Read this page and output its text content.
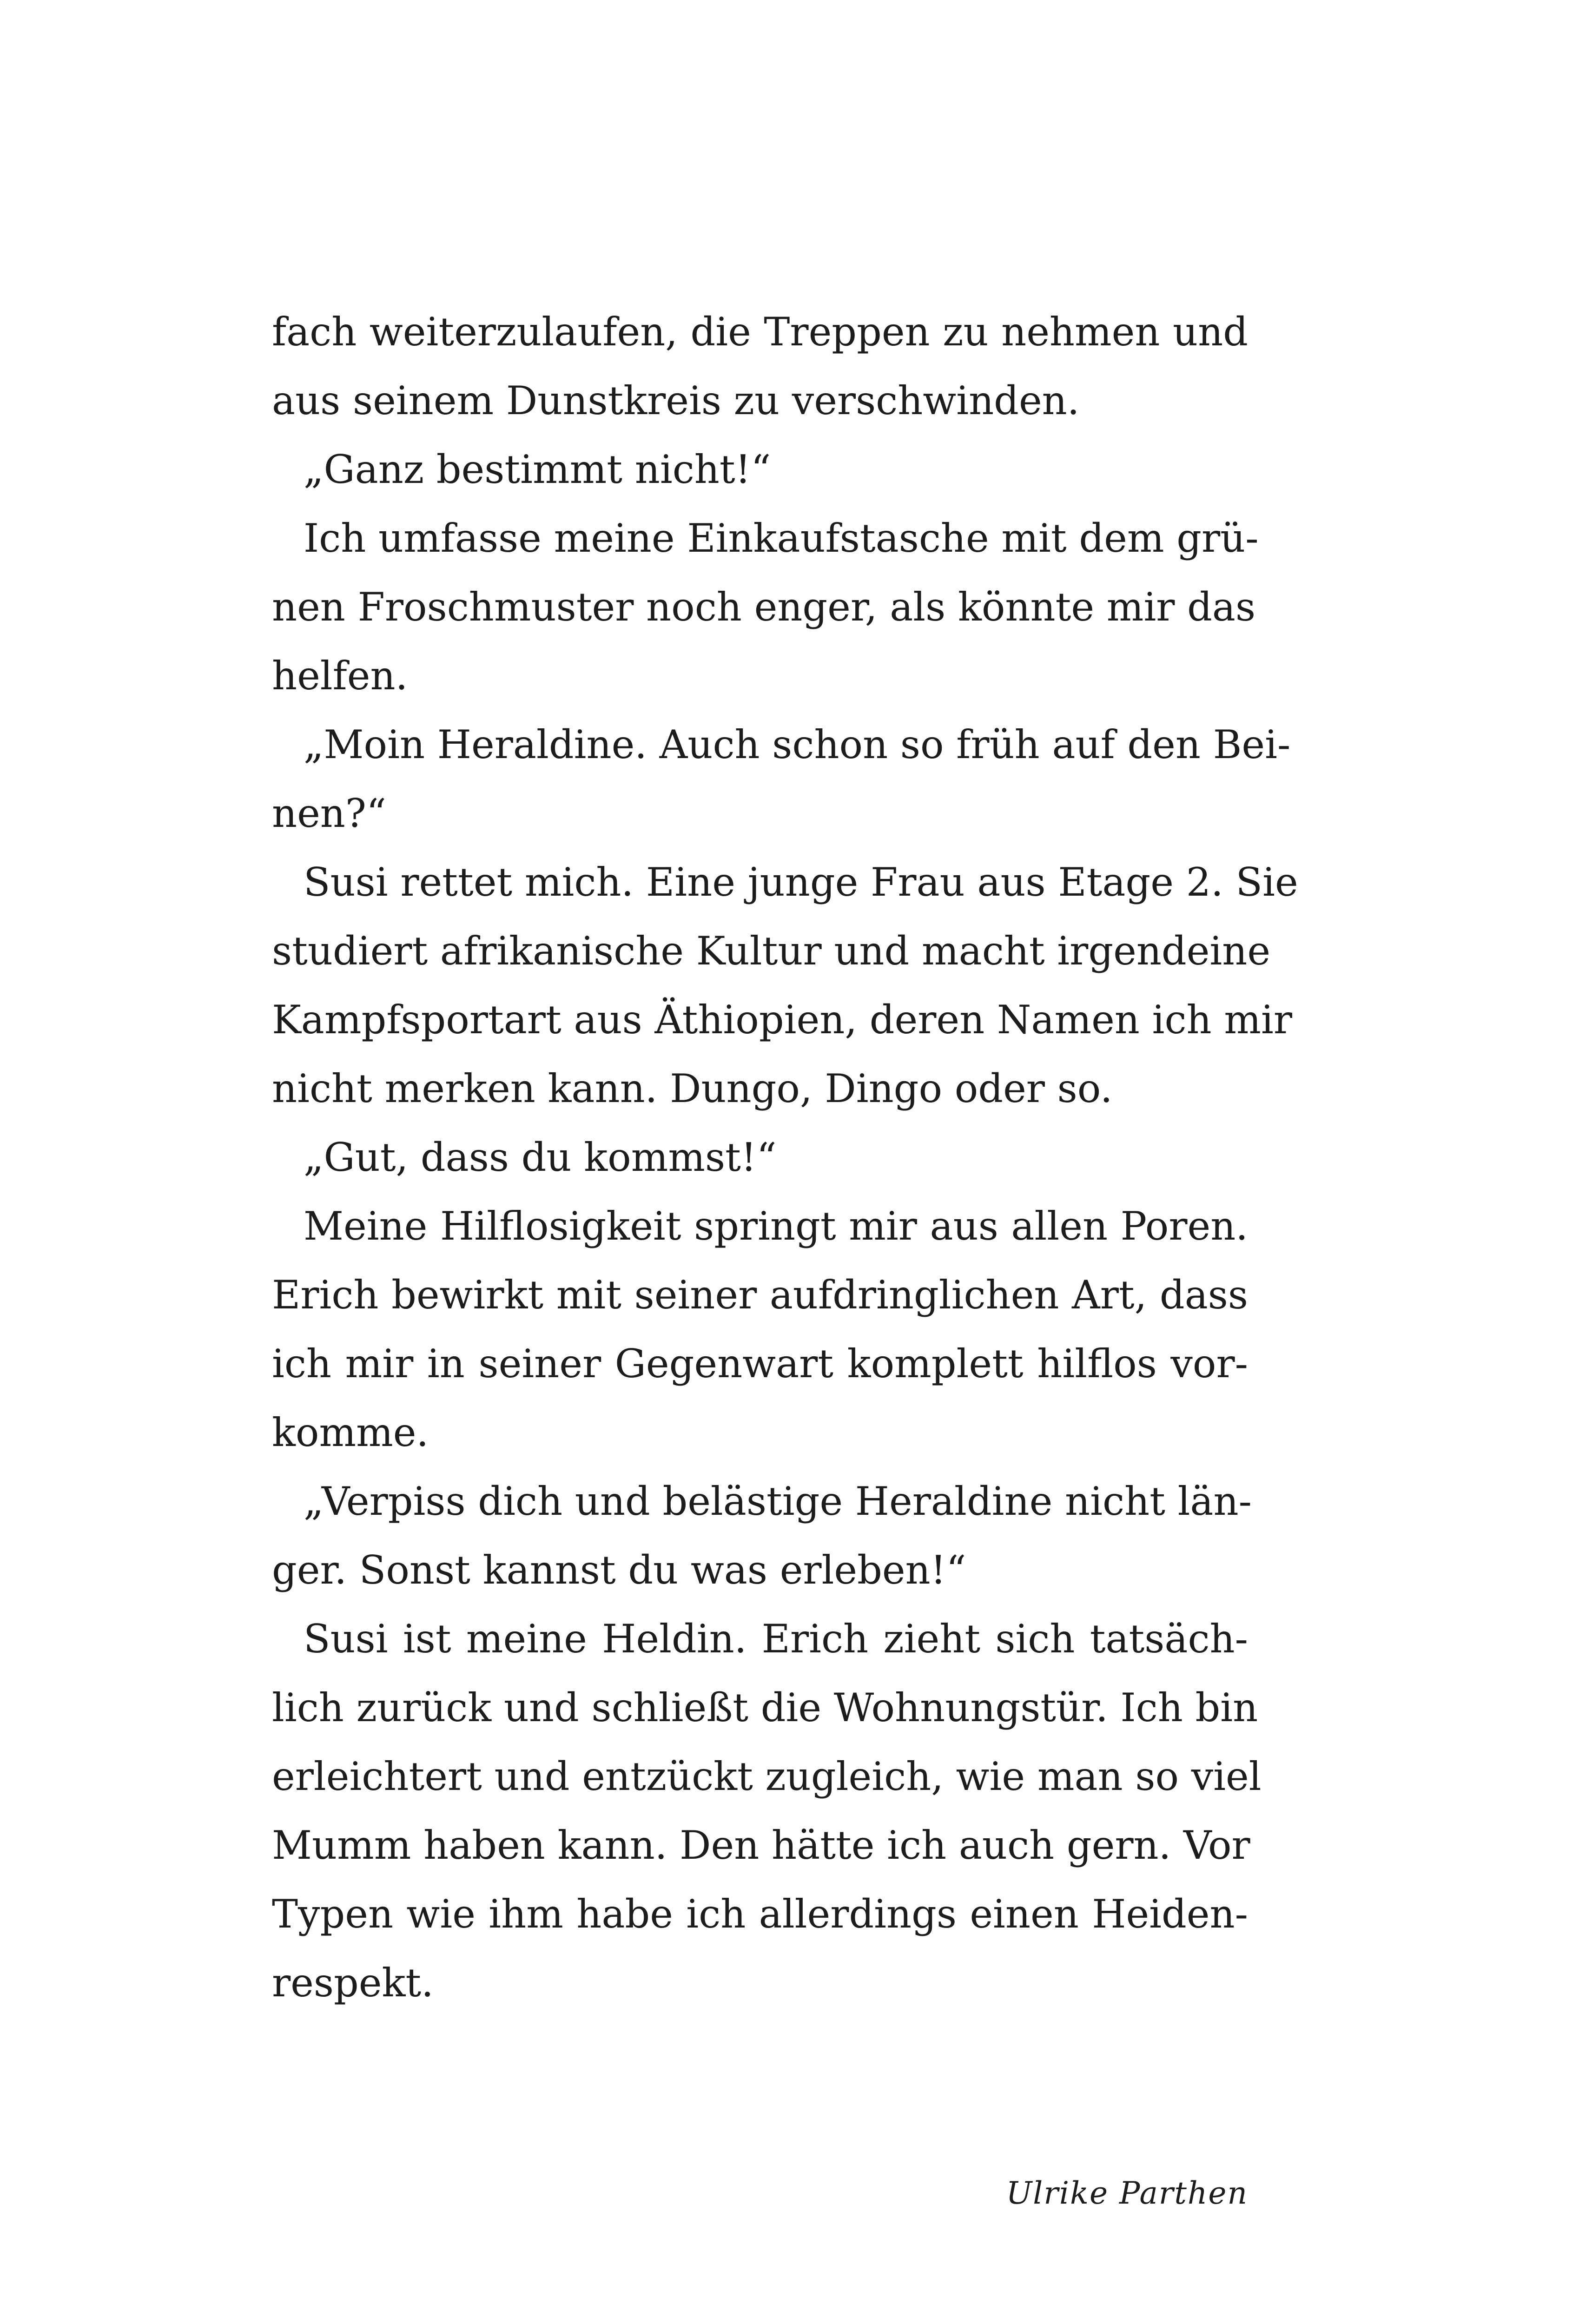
fach weiterzulaufen, die Treppen zu nehmen und
aus seinem Dunstkreis zu verschwinden.
„Ganz bestimmt nicht!“
Ich umfasse meine Einkaufstasche mit dem grü-
nen Froschmuster noch enger, als könnte mir das
helfen.
„Moin Heraldine. Auch schon so früh auf den Bei-
nen?“
Susi rettet mich. Eine junge Frau aus Etage 2. Sie
studiert afrikanische Kultur und macht irgendeine
Kampfsportart aus Äthiopien, deren Namen ich mir
nicht merken kann. Dungo, Dingo oder so.
„Gut, dass du kommst!“
Meine Hilflosigkeit springt mir aus allen Poren.
Erich bewirkt mit seiner aufdringlichen Art, dass
ich mir in seiner Gegenwart komplett hilflos vor-
komme.
„Verpiss dich und belästige Heraldine nicht län-
ger. Sonst kannst du was erleben!“
Susi ist meine Heldin. Erich zieht sich tatsäch-
lich zurück und schließt die Wohnungstür. Ich bin
erleichtert und entzückt zugleich, wie man so viel
Mumm haben kann. Den hätte ich auch gern. Vor
Typen wie ihm habe ich allerdings einen Heiden-
respekt.
Ulrike Parthen
